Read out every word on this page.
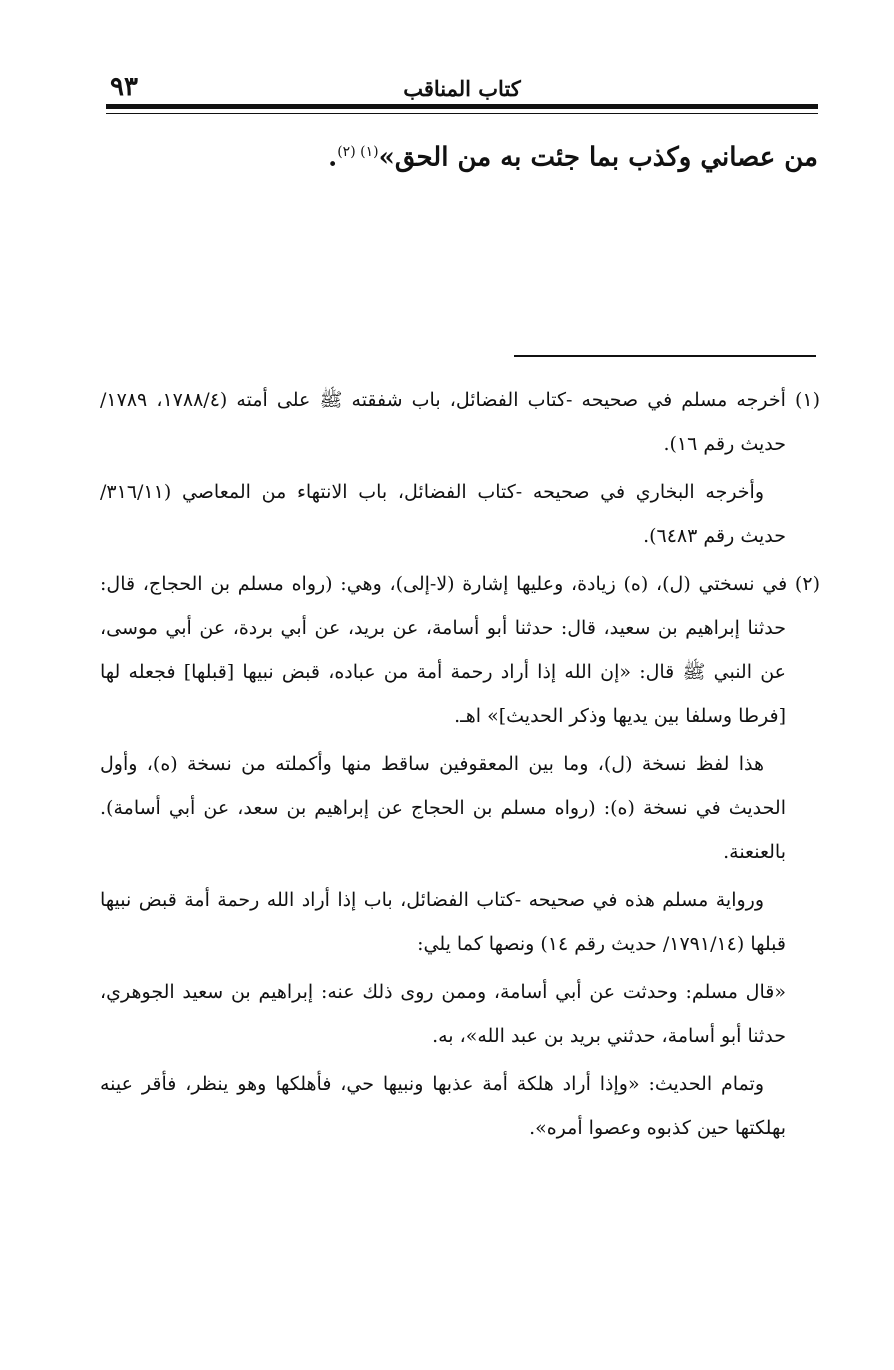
٩٣	كتاب المناقب
من عصاني وكذب بما جئت به من الحق»$^{(١) (٢)}$.

(١) أخرجه مسلم في صحيحه -كتاب الفضائل، باب شفقته ﷺ على أمته (١٧٨٨/٤، ١٧٨٩/ حديث رقم ١٦).

وأخرجه البخاري في صحيحه -كتاب الفضائل، باب الانتهاء من المعاصي (٣١٦/١١/ حديث رقم ٦٤٨٣).

(٢) في نسختي (ل)، (ه) زيادة، وعليها إشارة (لا-إلى)، وهي: (رواه مسلم بن الحجاج، قال: حدثنا إبراهيم بن سعيد، قال: حدثنا أبو أسامة، عن بريد، عن أبي بردة، عن أبي موسى، عن النبي ﷺ قال: «إن الله إذا أراد رحمة أمة من عباده، قبض نبيها [قبلها] فجعله لها [فرطا وسلفا بين يديها وذكر الحديث]» اهـ.

هذا لفظ نسخة (ل)، وما بين المعقوفين ساقط منها وأكملته من نسخة (ه)، وأول الحديث في نسخة (ه): (رواه مسلم بن الحجاج عن إبراهيم بن سعد، عن أبي أسامة). بالعنعنة.

ورواية مسلم هذه في صحيحه -كتاب الفضائل، باب إذا أراد الله رحمة أمة قبض نبيها قبلها (١٧٩١/١٤/ حديث رقم ١٤) ونصها كما يلي:

«قال مسلم: وحدثت عن أبي أسامة، وممن روى ذلك عنه: إبراهيم بن سعيد الجوهري، حدثنا أبو أسامة، حدثني بريد بن عبد الله»، به.

وتمام الحديث: «وإذا أراد هلكة أمة عذبها ونبيها حي، فأهلكها وهو ينظر، فأقر عينه بهلكتها حين كذبوه وعصوا أمره».
